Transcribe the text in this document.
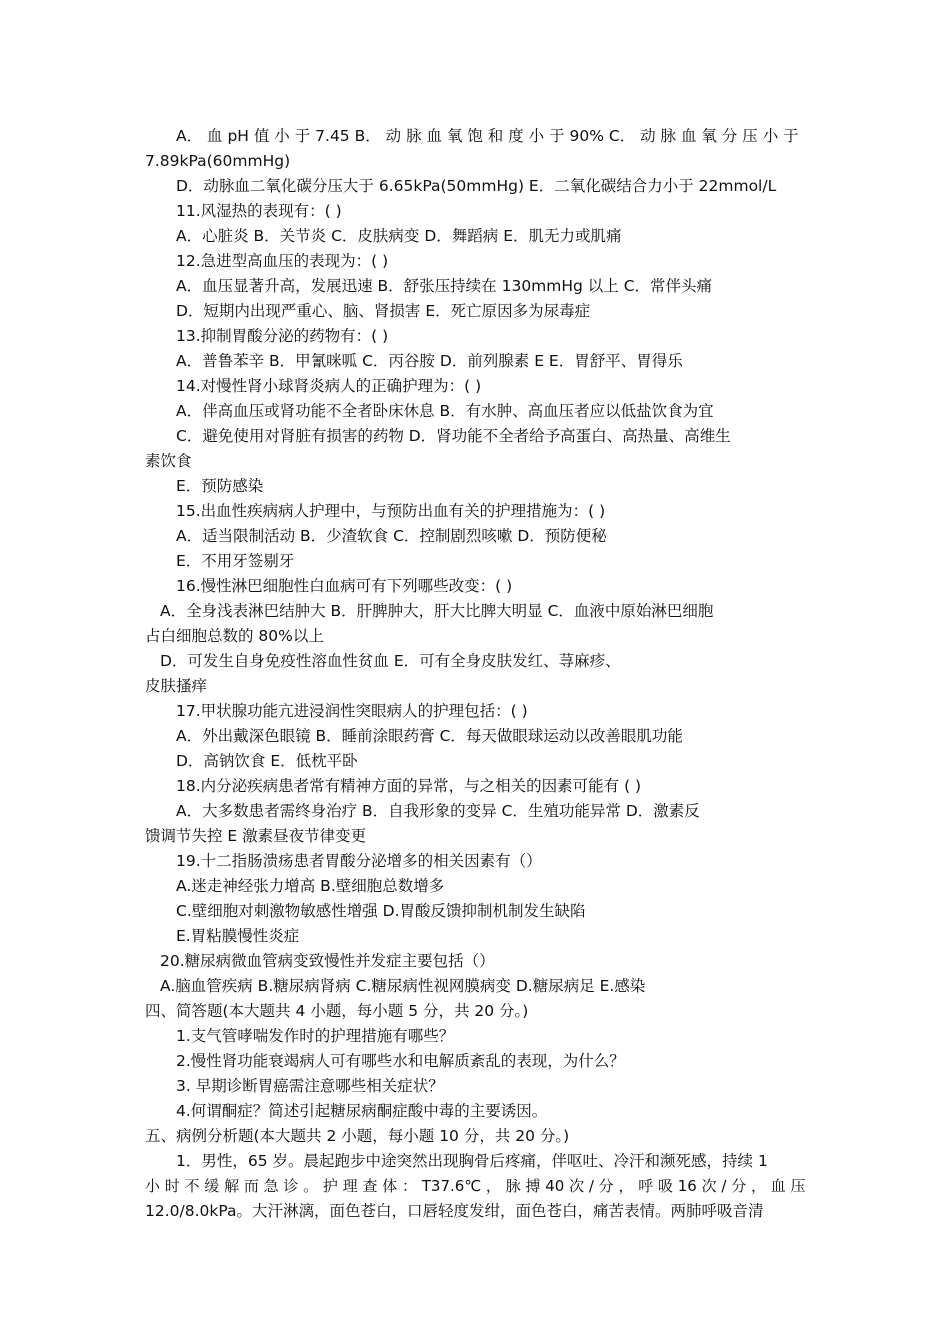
A． 血 pH 值 小 于 7.45 B． 动 脉 血 氧 饱 和 度 小 于 90% C． 动 脉 血 氧 分 压 小 于
7.89kPa(60mmHg)
D．动脉血二氧化碳分压大于 6.65kPa(50mmHg) E．二氧化碳结合力小于 22mmol/L
11.风湿热的表现有：( )
A．心脏炎 B．关节炎 C．皮肤病变 D．舞蹈病 E．肌无力或肌痛
12.急进型高血压的表现为：( )
A．血压显著升高，发展迅速 B．舒张压持续在 130mmHg 以上 C．常伴头痛
D．短期内出现严重心、脑、肾损害 E．死亡原因多为尿毒症
13.抑制胃酸分泌的药物有：( )
A．普鲁苯辛 B．甲氰咪呱 C．丙谷胺 D．前列腺素 E E．胃舒平、胃得乐
14.对慢性肾小球肾炎病人的正确护理为：( )
A．伴高血压或肾功能不全者卧床休息 B．有水肿、高血压者应以低盐饮食为宜
C．避免使用对肾脏有损害的药物 D．肾功能不全者给予高蛋白、高热量、高维生
素饮食
E．预防感染
15.出血性疾病病人护理中，与预防出血有关的护理措施为：( )
A．适当限制活动 B．少渣软食 C．控制剧烈咳嗽 D．预防便秘
E．不用牙签剔牙
16.慢性淋巴细胞性白血病可有下列哪些改变：( )
A．全身浅表淋巴结肿大 B．肝脾肿大，肝大比脾大明显 C．血液中原始淋巴细胞
占白细胞总数的 80%以上
D．可发生自身免疫性溶血性贫血 E．可有全身皮肤发红、荨麻疹、
皮肤搔痒
17.甲状腺功能亢进浸润性突眼病人的护理包括：( )
A．外出戴深色眼镜 B．睡前涂眼药膏 C．每天做眼球运动以改善眼肌功能
D．高钠饮食 E．低枕平卧
18.内分泌疾病患者常有精神方面的异常，与之相关的因素可能有 ( )
A．大多数患者需终身治疗 B．自我形象的变异 C．生殖功能异常 D．激素反
馈调节失控 E 激素昼夜节律变更
19.十二指肠溃疡患者胃酸分泌增多的相关因素有（）
A.迷走神经张力增高 B.壁细胞总数增多
C.壁细胞对刺激物敏感性增强 D.胃酸反馈抑制机制发生缺陷
E.胃粘膜慢性炎症
20.糖尿病微血管病变致慢性并发症主要包括（）
A.脑血管疾病 B.糖尿病肾病 C.糖尿病性视网膜病变 D.糖尿病足 E.感染
四、简答题(本大题共 4 小题，每小题 5 分，共 20 分。)
1.支气管哮喘发作时的护理措施有哪些？
2.慢性肾功能衰竭病人可有哪些水和电解质紊乱的表现，为什么？
3. 早期诊断胃癌需注意哪些相关症状？
4.何谓酮症？简述引起糖尿病酮症酸中毒的主要诱因。
五、病例分析题(本大题共 2 小题，每小题 10 分，共 20 分。)
1．男性，65 岁。晨起跑步中途突然出现胸骨后疼痛，伴呕吐、冷汗和濒死感，持续 1
小 时 不 缓 解 而 急 诊 。 护 理 查 体 ： T37.6℃ ， 脉 搏 40 次 / 分 ， 呼 吸 16 次 / 分 ， 血 压
12.0/8.0kPa。大汗淋漓，面色苍白，口唇轻度发绀，面色苍白，痛苦表情。两肺呼吸音清
